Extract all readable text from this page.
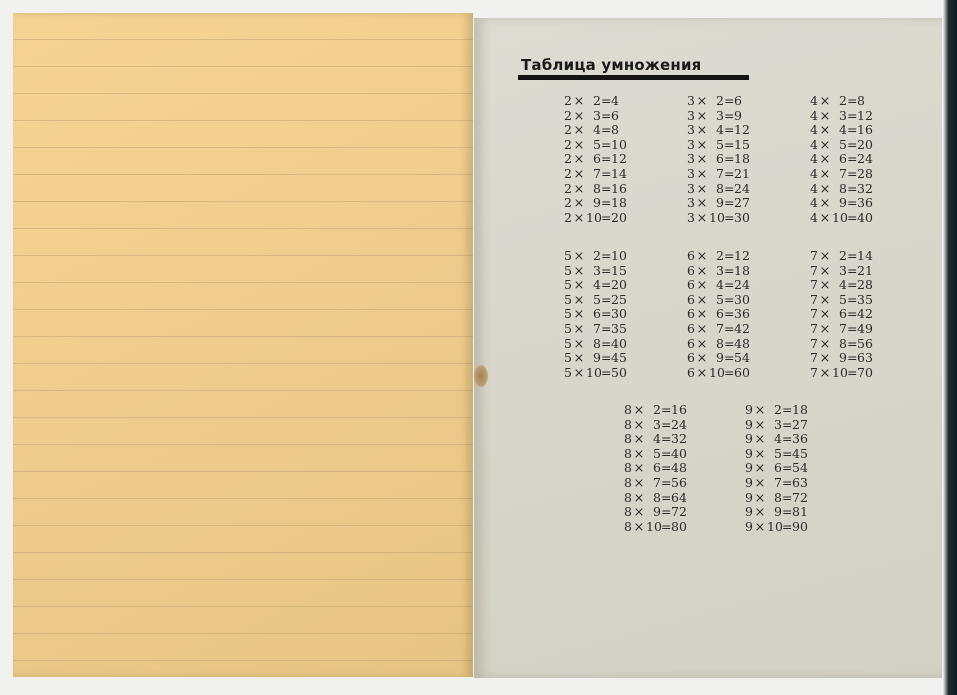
Таблица умножения
2 × 2 = 4
2 × 3 = 6
2 × 4 = 8
2 × 5 = 10
2 × 6 = 12
2 × 7 = 14
2 × 8 = 16
2 × 9 = 18
2 × 10 = 20
3 × 2 = 6
3 × 3 = 9
3 × 4 = 12
3 × 5 = 15
3 × 6 = 18
3 × 7 = 21
3 × 8 = 24
3 × 9 = 27
3 × 10 = 30
4 × 2 = 8
4 × 3 = 12
4 × 4 = 16
4 × 5 = 20
4 × 6 = 24
4 × 7 = 28
4 × 8 = 32
4 × 9 = 36
4 × 10 = 40
5 × 2 = 10
5 × 3 = 15
5 × 4 = 20
5 × 5 = 25
5 × 6 = 30
5 × 7 = 35
5 × 8 = 40
5 × 9 = 45
5 × 10 = 50
6 × 2 = 12
6 × 3 = 18
6 × 4 = 24
6 × 5 = 30
6 × 6 = 36
6 × 7 = 42
6 × 8 = 48
6 × 9 = 54
6 × 10 = 60
7 × 2 = 14
7 × 3 = 21
7 × 4 = 28
7 × 5 = 35
7 × 6 = 42
7 × 7 = 49
7 × 8 = 56
7 × 9 = 63
7 × 10 = 70
8 × 2 = 16
8 × 3 = 24
8 × 4 = 32
8 × 5 = 40
8 × 6 = 48
8 × 7 = 56
8 × 8 = 64
8 × 9 = 72
8 × 10 = 80
9 × 2 = 18
9 × 3 = 27
9 × 4 = 36
9 × 5 = 45
9 × 6 = 54
9 × 7 = 63
9 × 8 = 72
9 × 9 = 81
9 × 10 = 90
